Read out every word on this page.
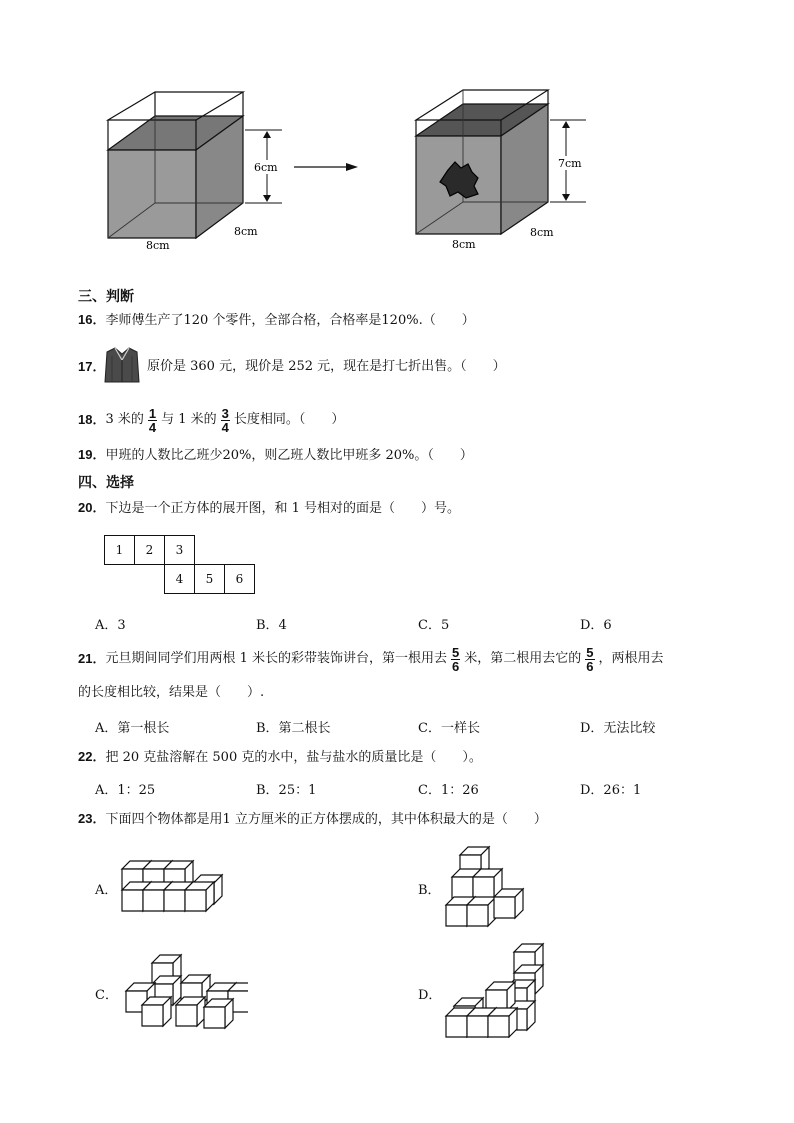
6cm
8cm
8cm
7cm
8cm
8cm
三、判断
16．李师傅生产了120 个零件，全部合格，合格率是120%.（　　）
17．	原价是 360 元，现价是 252 元，现在是打七折出售。（　　）
18． 3 米的 $\frac{1}{4}$ 与 1 米的 $\frac{3}{4}$ 长度相同。（　　）
19．甲班的人数比乙班少20%，则乙班人数比甲班多 20%。（　　）
四、选择
20．下边是一个正方体的展开图，和 1 号相对的面是（　　）号。
1	2	3		
		4	5	6
A．3	B．4	C．5	D．6
21． 元旦期间同学们用两根 1 米长的彩带装饰讲台，第一根用去 $\frac{5}{6}$ 米，第二根用去它的 $\frac{5}{6}$ ，两根用去
的长度相比较，结果是（　　）.
A．第一根长	B．第二根长	C．一样长	D．无法比较
22．把 20 克盐溶解在 500 克的水中，盐与盐水的质量比是（　　）。
A．1：25	B．25：1	C．1：26	D．26：1
23．下面四个物体都是用1 立方厘米的正方体摆成的，其中体积最大的是（　　）
A．	B．
C．	D．
